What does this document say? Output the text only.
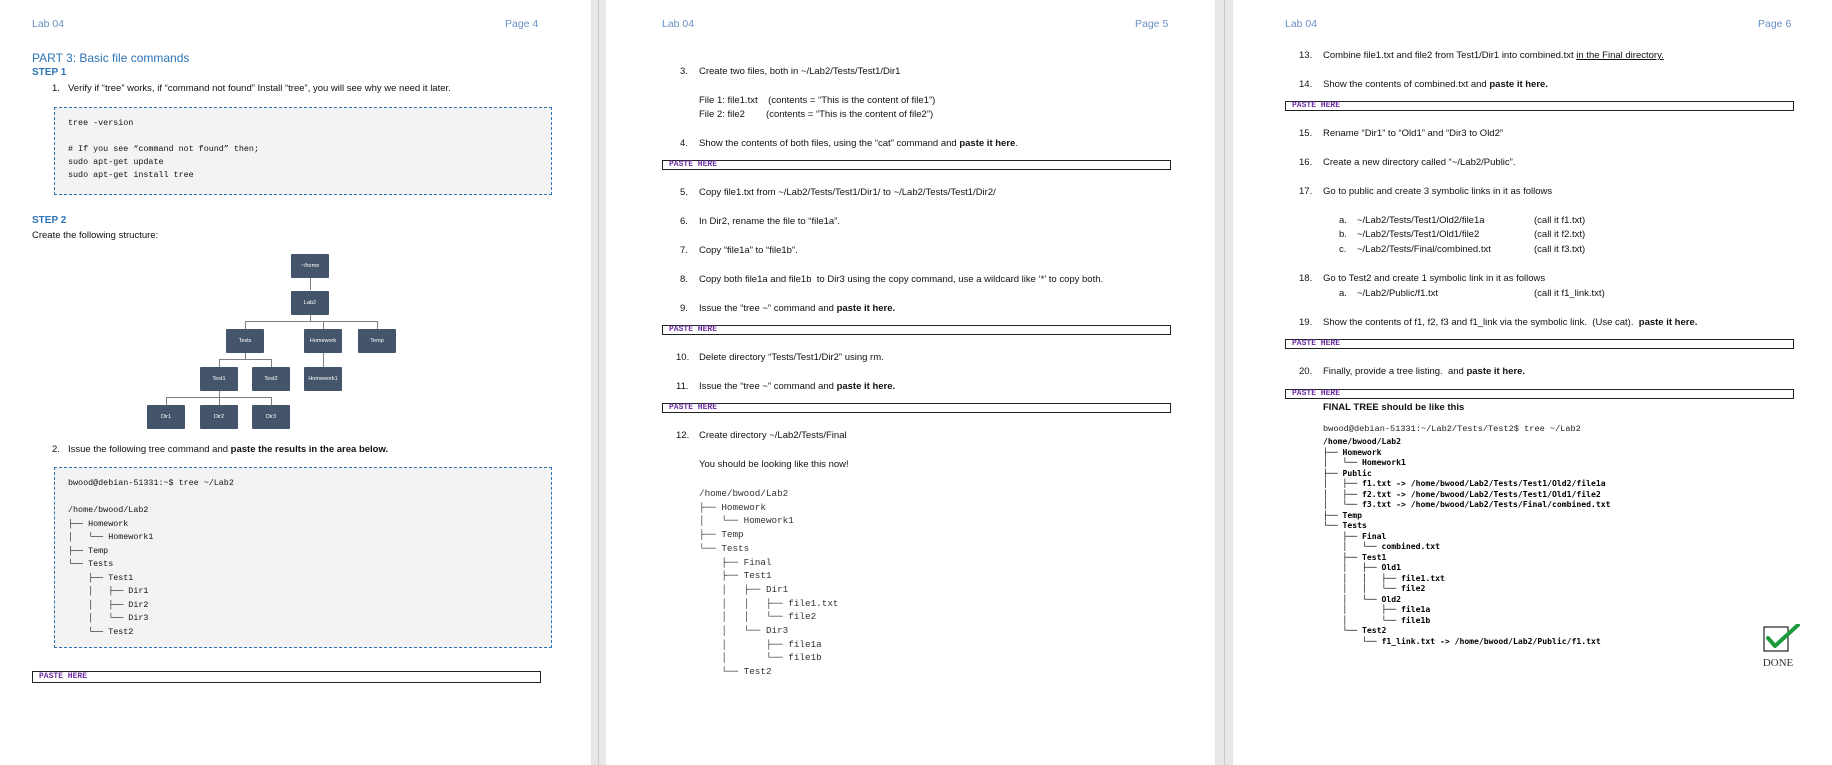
Lab 04	Page 4
PART 3: Basic file commands
STEP 1
1. Verify if “tree” works, if “command not found” Install “tree”, you will see why we need it later.
tree -version

# If you see “command not found” then;
sudo apt-get update
sudo apt-get install tree
STEP 2
Create the following structure:
~/home
Lab2
Tests	Homework	Temp
Test1	Test2	Homework1
Dir1	Dir2	Dir3
2. Issue the following tree command and paste the results in the area below.
bwood@debian-51331:~$ tree ~/Lab2

/home/bwood/Lab2
├── Homework
│   └── Homework1
├── Temp
└── Tests
├── Test1
│   ├── Dir1
│   ├── Dir2
│   └── Dir3
└── Test2
PASTE HERE
Lab 04	Page 5
3. Create two files, both in ~/Lab2/Tests/Test1/Dir1
File 1: file1.txt    (contents = “This is the content of file1”)
File 2: file2        (contents = “This is the content of file2”)
4. Show the contents of both files, using the “cat” command and paste it here.
PASTE HERE
5. Copy file1.txt from ~/Lab2/Tests/Test1/Dir1/ to ~/Lab2/Tests/Test1/Dir2/
6. In Dir2, rename the file to “file1a”.
7. Copy “file1a” to “file1b”.
8. Copy both file1a and file1b  to Dir3 using the copy command, use a wildcard like ‘*’ to copy both.
9. Issue the “tree ~” command and paste it here.
PASTE HERE
10. Delete directory “Tests/Test1/Dir2” using rm.
11. Issue the “tree ~” command and paste it here.
PASTE HERE
12. Create directory ~/Lab2/Tests/Final
You should be looking like this now!
/home/bwood/Lab2
├── Homework
│   └── Homework1
├── Temp
└── Tests
├── Final
├── Test1
│   ├── Dir1
│   │   ├── file1.txt
│   │   └── file2
│   └── Dir3
│       ├── file1a
│       └── file1b
└── Test2
Lab 04	Page 6
13. Combine file1.txt and file2 from Test1/Dir1 into combined.txt in the Final directory.
14. Show the contents of combined.txt and paste it here.
PASTE HERE
15. Rename “Dir1” to “Old1” and “Dir3 to Old2”
16. Create a new directory called “~/Lab2/Public”.
17. Go to public and create 3 symbolic links in it as follows
a. ~/Lab2/Tests/Test1/Old2/file1a	(call it f1.txt)
b. ~/Lab2/Tests/Test1/Old1/file2	(call it f2.txt)
c. ~/Lab2/Tests/Final/combined.txt	(call it f3.txt)
18. Go to Test2 and create 1 symbolic link in it as follows
a. ~/Lab2/Public/f1.txt	(call it f1_link.txt)
19. Show the contents of f1, f2, f3 and f1_link via the symbolic link.  (Use cat).  paste it here.
PASTE HERE
20. Finally, provide a tree listing.  and paste it here.
PASTE HERE
FINAL TREE should be like this
bwood@debian-51331:~/Lab2/Tests/Test2$ tree ~/Lab2
/home/bwood/Lab2
├── Homework
│   └── Homework1
├── Public
│   ├── f1.txt -> /home/bwood/Lab2/Tests/Test1/Old2/file1a
│   ├── f2.txt -> /home/bwood/Lab2/Tests/Test1/Old1/file2
│   └── f3.txt -> /home/bwood/Lab2/Tests/Final/combined.txt
├── Temp
└── Tests
├── Final
│   └── combined.txt
├── Test1
│   ├── Old1
│   │   ├── file1.txt
│   │   └── file2
│   └── Old2
│       ├── file1a
│       └── file1b
└── Test2
└── f1_link.txt -> /home/bwood/Lab2/Public/f1.txt
DONE
